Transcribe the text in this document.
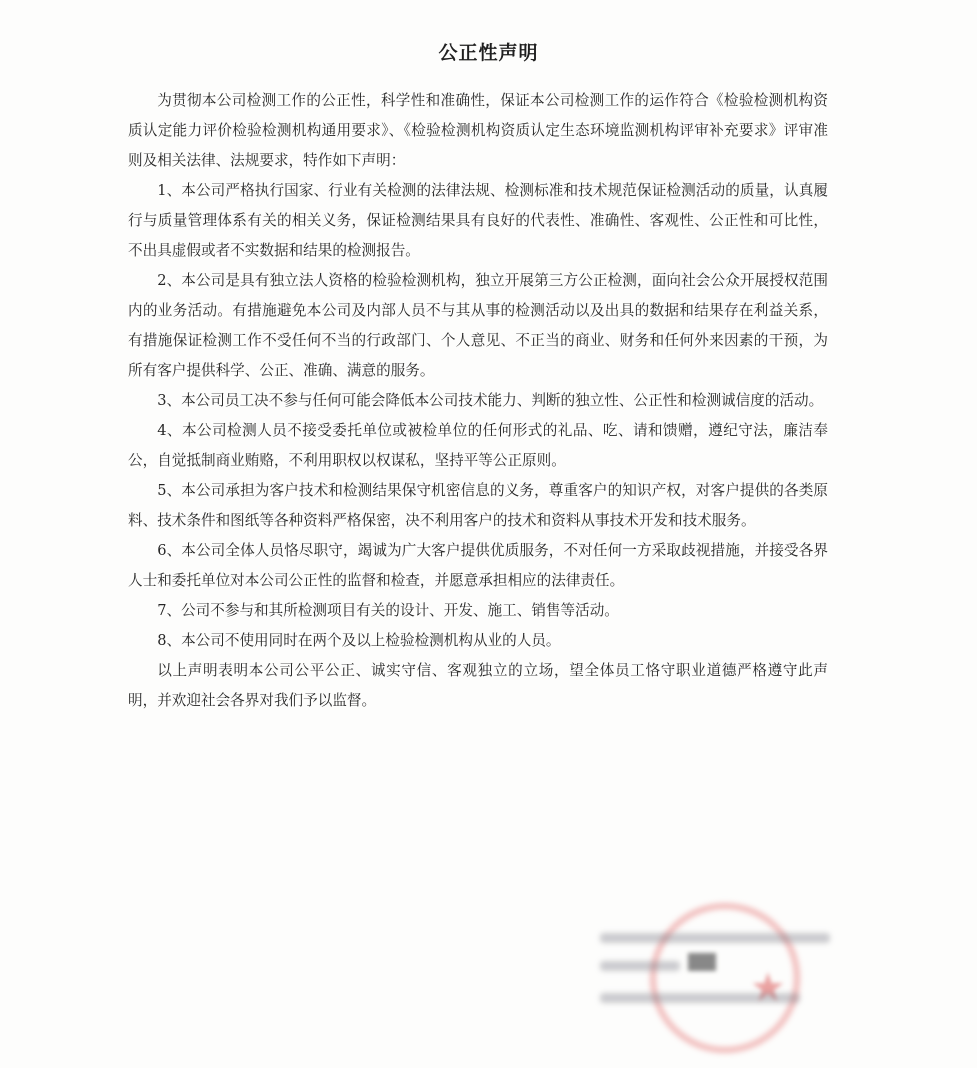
公正性声明

为贯彻本公司检测工作的公正性，科学性和准确性，保证本公司检测工作的运作符合《检验检测机构资质认定能力评价检验检测机构通用要求》、《检验检测机构资质认定生态环境监测机构评审补充要求》评审准则及相关法律、法规要求，特作如下声明：

1、本公司严格执行国家、行业有关检测的法律法规、检测标准和技术规范保证检测活动的质量，认真履行与质量管理体系有关的相关义务，保证检测结果具有良好的代表性、准确性、客观性、公正性和可比性，不出具虚假或者不实数据和结果的检测报告。

2、本公司是具有独立法人资格的检验检测机构，独立开展第三方公正检测，面向社会公众开展授权范围内的业务活动。有措施避免本公司及内部人员不与其从事的检测活动以及出具的数据和结果存在利益关系，有措施保证检测工作不受任何不当的行政部门、个人意见、不正当的商业、财务和任何外来因素的干预，为所有客户提供科学、公正、准确、满意的服务。

3、本公司员工决不参与任何可能会降低本公司技术能力、判断的独立性、公正性和检测诚信度的活动。

4、本公司检测人员不接受委托单位或被检单位的任何形式的礼品、吃、请和馈赠，遵纪守法，廉洁奉公，自觉抵制商业贿赂，不利用职权以权谋私，坚持平等公正原则。

5、本公司承担为客户技术和检测结果保守机密信息的义务，尊重客户的知识产权，对客户提供的各类原料、技术条件和图纸等各种资料严格保密，决不利用客户的技术和资料从事技术开发和技术服务。

6、本公司全体人员恪尽职守，竭诚为广大客户提供优质服务，不对任何一方采取歧视措施，并接受各界人士和委托单位对本公司公正性的监督和检查，并愿意承担相应的法律责任。

7、公司不参与和其所检测项目有关的设计、开发、施工、销售等活动。

8、本公司不使用同时在两个及以上检验检测机构从业的人员。

以上声明表明本公司公平公正、诚实守信、客观独立的立场，望全体员工恪守职业道德严格遵守此声明，并欢迎社会各界对我们予以监督。

★
